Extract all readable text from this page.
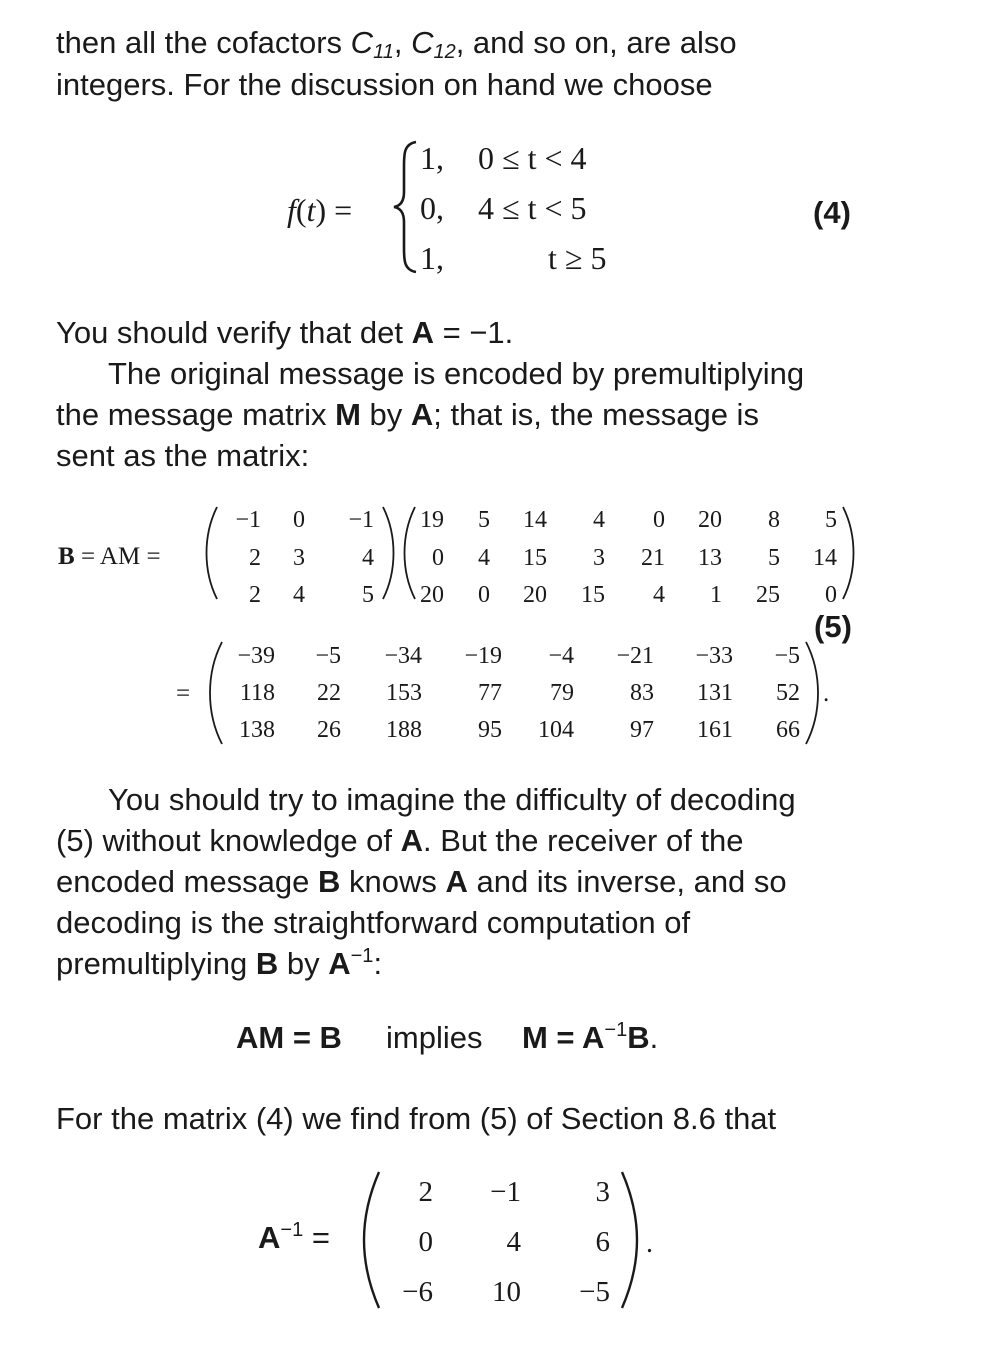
then all the cofactors $C_{11}$, $C_{12}$, and so on, are also

integers. For the discussion on hand we choose

f(t) =
1,
0,
1,
0 ≤ t < 4
4 ≤ t < 5
t ≥ 5
(4)

You should verify that det A = −1.

The original message is encoded by premultiplying

the message matrix M by A; that is, the message is

sent as the matrix:

B = AM =
−1	0	−1
2	3	4
2	4	5
19	5	14	4	0	20	8	5
0	4	15	3	21	13	5	14
20	0	20	15	4	1	25	0
(5)
=
−39	−5	−34	−19	−4	−21	−33	−5
118	22	153	77	79	83	131	52
138	26	188	95	104	97	161	66
.

You should try to imagine the difficulty of decoding

(5) without knowledge of A. But the receiver of the

encoded message B knows A and its inverse, and so

decoding is the straightforward computation of

premultiplying B by $A^{-1}$:

AM = B implies $M = A^{-1}B$.

For the matrix (4) we find from (5) of Section 8.6 that

$A^{-1}$ =
2	−1	3
0	4	6
−6	10	−5
.
